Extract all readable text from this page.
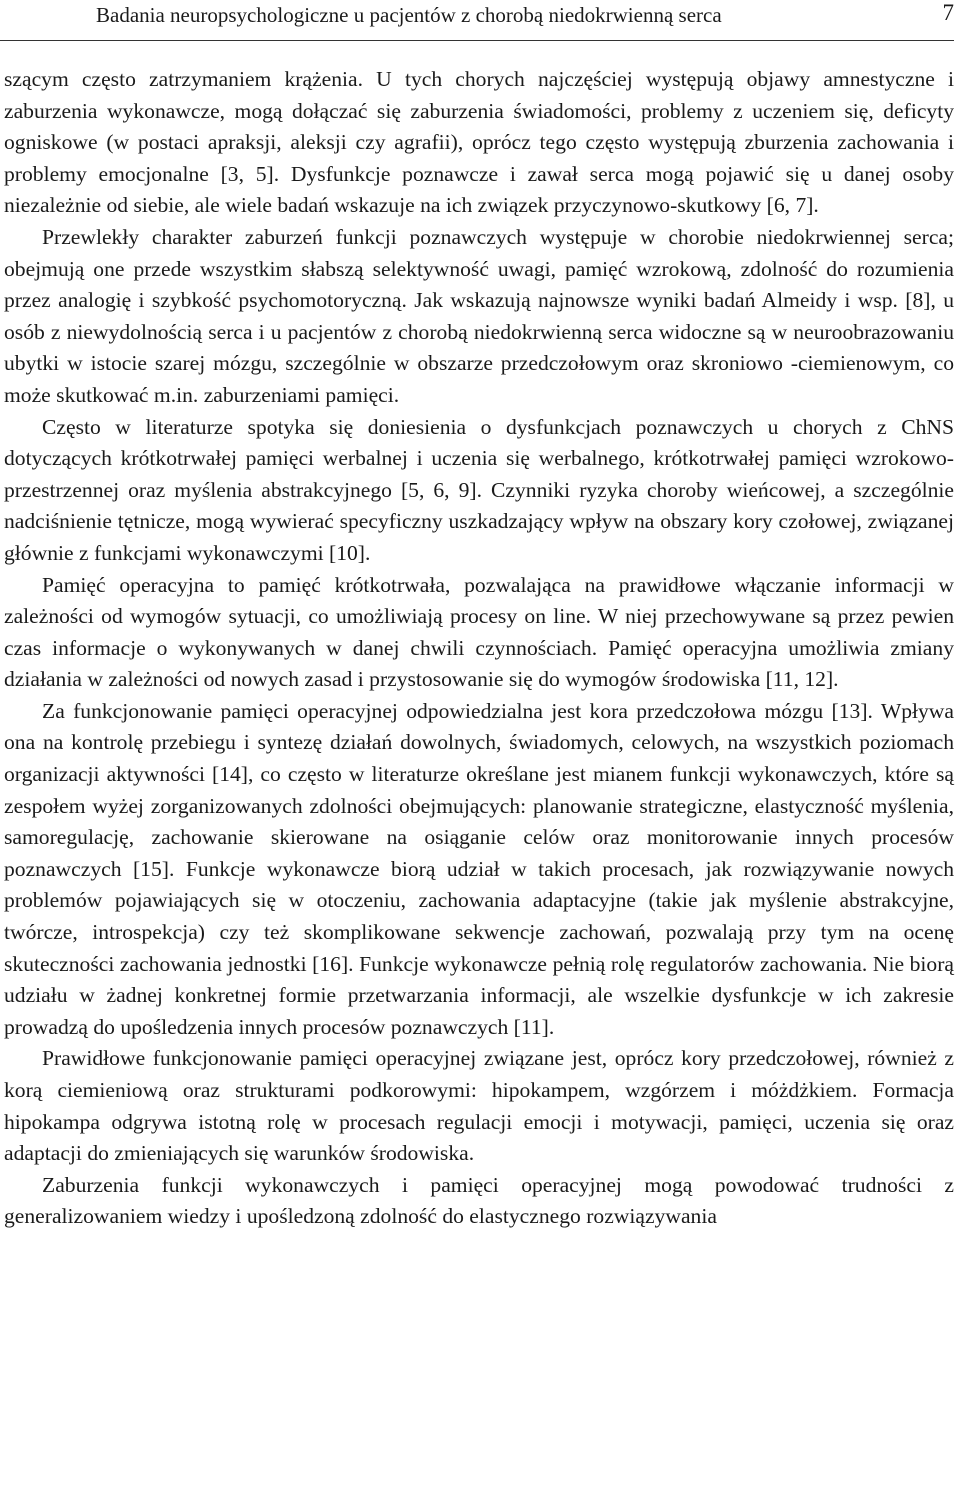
Badania neuropsychologiczne u pacjentów z chorobą niedokrwienną serca	7

szącym często zatrzymaniem krążenia. U tych chorych najczęściej występują objawy amnestyczne i zaburzenia wykonawcze, mogą dołączać się zaburzenia świadomości, problemy z uczeniem się, deficyty ogniskowe (w postaci apraksji, aleksji czy agrafii), oprócz tego często występują zburzenia zachowania i problemy emocjonalne [3, 5]. Dysfunkcje poznawcze i zawał serca mogą pojawić się u danej osoby niezależnie od siebie, ale wiele badań wskazuje na ich związek przyczynowo-skutkowy [6, 7].

Przewlekły charakter zaburzeń funkcji poznawczych występuje w chorobie niedokrwiennej serca; obejmują one przede wszystkim słabszą selektywność uwagi, pamięć wzrokową, zdolność do rozumienia przez analogię i szybkość psychomotoryczną. Jak wskazują najnowsze wyniki badań Almeidy i wsp. [8], u osób z niewydolnością serca i u pacjentów z chorobą niedokrwienną serca widoczne są w neuroobrazowaniu ubytki w istocie szarej mózgu, szczególnie w obszarze przedczołowym oraz skroniowo -ciemienowym, co może skutkować m.in. zaburzeniami pamięci.

Często w literaturze spotyka się doniesienia o dysfunkcjach poznawczych u chorych z ChNS dotyczących krótkotrwałej pamięci werbalnej i uczenia się werbalnego, krótkotrwałej pamięci wzrokowo-przestrzennej oraz myślenia abstrakcyjnego [5, 6, 9]. Czynniki ryzyka choroby wieńcowej, a szczególnie nadciśnienie tętnicze, mogą wywierać specyficzny uszkadzający wpływ na obszary kory czołowej, związanej głównie z funkcjami wykonawczymi [10].

Pamięć operacyjna to pamięć krótkotrwała, pozwalająca na prawidłowe włączanie informacji w zależności od wymogów sytuacji, co umożliwiają procesy on line. W niej przechowywane są przez pewien czas informacje o wykonywanych w danej chwili czynnościach. Pamięć operacyjna umożliwia zmiany działania w zależności od nowych zasad i przystosowanie się do wymogów środowiska [11, 12].

Za funkcjonowanie pamięci operacyjnej odpowiedzialna jest kora przedczołowa mózgu [13]. Wpływa ona na kontrolę przebiegu i syntezę działań dowolnych, świadomych, celowych, na wszystkich poziomach organizacji aktywności [14], co często w literaturze określane jest mianem funkcji wykonawczych, które są zespołem wyżej zorganizowanych zdolności obejmujących: planowanie strategiczne, elastyczność myślenia, samoregulację, zachowanie skierowane na osiąganie celów oraz monitorowanie innych procesów poznawczych [15]. Funkcje wykonawcze biorą udział w takich procesach, jak rozwiązywanie nowych problemów pojawiających się w otoczeniu, zachowania adaptacyjne (takie jak myślenie abstrakcyjne, twórcze, introspekcja) czy też skomplikowane sekwencje zachowań, pozwalają przy tym na ocenę skuteczności zachowania jednostki [16]. Funkcje wykonawcze pełnią rolę regulatorów zachowania. Nie biorą udziału w żadnej konkretnej formie przetwarzania informacji, ale wszelkie dysfunkcje w ich zakresie prowadzą do upośledzenia innych procesów poznawczych [11].

Prawidłowe funkcjonowanie pamięci operacyjnej związane jest, oprócz kory przedczołowej, również z korą ciemieniową oraz strukturami podkorowymi: hipokampem, wzgórzem i móżdżkiem. Formacja hipokampa odgrywa istotną rolę w procesach regulacji emocji i motywacji, pamięci, uczenia się oraz adaptacji do zmieniających się warunków środowiska.

Zaburzenia funkcji wykonawczych i pamięci operacyjnej mogą powodować trudności z generalizowaniem wiedzy i upośledzoną zdolność do elastycznego rozwiązywania
